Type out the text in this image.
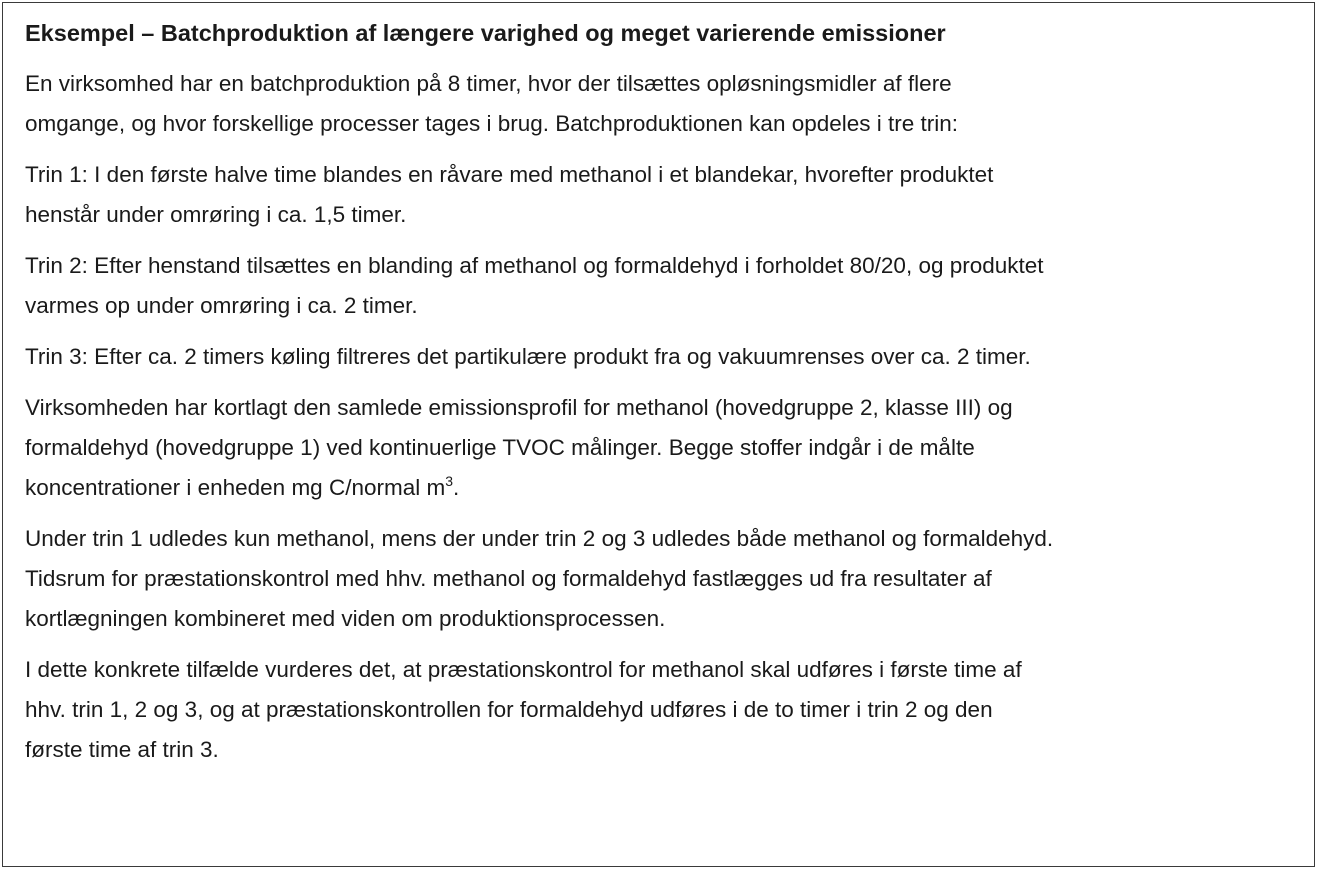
Eksempel – Batchproduktion af længere varighed og meget varierende emissioner
En virksomhed har en batchproduktion på 8 timer, hvor der tilsættes opløsningsmidler af flere
omgange, og hvor forskellige processer tages i brug. Batchproduktionen kan opdeles i tre trin:
Trin 1: I den første halve time blandes en råvare med methanol i et blandekar, hvorefter produktet
henstår under omrøring i ca. 1,5 timer.
Trin 2: Efter henstand tilsættes en blanding af methanol og formaldehyd i forholdet 80/20, og produktet
varmes op under omrøring i ca. 2 timer.
Trin 3: Efter ca. 2 timers køling filtreres det partikulære produkt fra og vakuumrenses over ca. 2 timer.
Virksomheden har kortlagt den samlede emissionsprofil for methanol (hovedgruppe 2, klasse III) og
formaldehyd (hovedgruppe 1) ved kontinuerlige TVOC målinger. Begge stoffer indgår i de målte
koncentrationer i enheden mg C/normal $m^3$.
Under trin 1 udledes kun methanol, mens der under trin 2 og 3 udledes både methanol og formaldehyd.
Tidsrum for præstationskontrol med hhv. methanol og formaldehyd fastlægges ud fra resultater af
kortlægningen kombineret med viden om produktionsprocessen.
I dette konkrete tilfælde vurderes det, at præstationskontrol for methanol skal udføres i første time af
hhv. trin 1, 2 og 3, og at præstationskontrollen for formaldehyd udføres i de to timer i trin 2 og den
første time af trin 3.
